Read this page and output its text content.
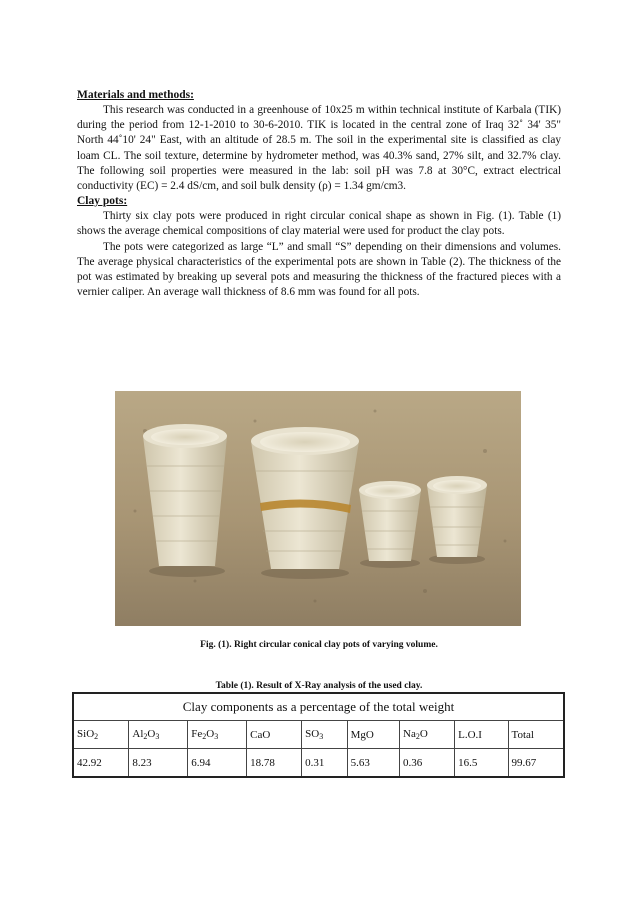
Materials and methods:

This research was conducted in a greenhouse of 10x25 m within technical institute of Karbala (TIK) during the period from 12-1-2010 to 30-6-2010. TIK is located in the central zone of Iraq 32˚ 34' 35" North 44˚10' 24" East, with an altitude of 28.5 m. The soil in the experimental site is classified as clay loam CL. The soil texture, determine by hydrometer method, was 40.3% sand, 27% silt, and 32.7% clay. The following soil properties were measured in the lab: soil pH was 7.8 at 30°C, extract electrical conductivity (EC) = 2.4 dS/cm, and soil bulk density (ρ) = 1.34 gm/cm3.

Clay pots:

Thirty six clay pots were produced in right circular conical shape as shown in Fig. (1). Table (1) shows the average chemical compositions of clay material were used for product the clay pots.

The pots were categorized as large “L” and small “S” depending on their dimensions and volumes. The average physical characteristics of the experimental pots are shown in Table (2). The thickness of the pot was estimated by breaking up several pots and measuring the thickness of the fractured pieces with a vernier caliper. An average wall thickness of 8.6 mm was found for all pots.

Fig. (1). Right circular conical clay pots of varying volume.
Table (1). Result of X-Ray analysis of the used clay.
Clay components as a percentage of the total weight								
SiO$_2$	$Al_2O_3$	$Fe_2O_3$	CaO	$SO_3$	MgO	$Na_2O$	L.O.I	Total
42.92	8.23	6.94	18.78	0.31	5.63	0.36	16.5	99.67
